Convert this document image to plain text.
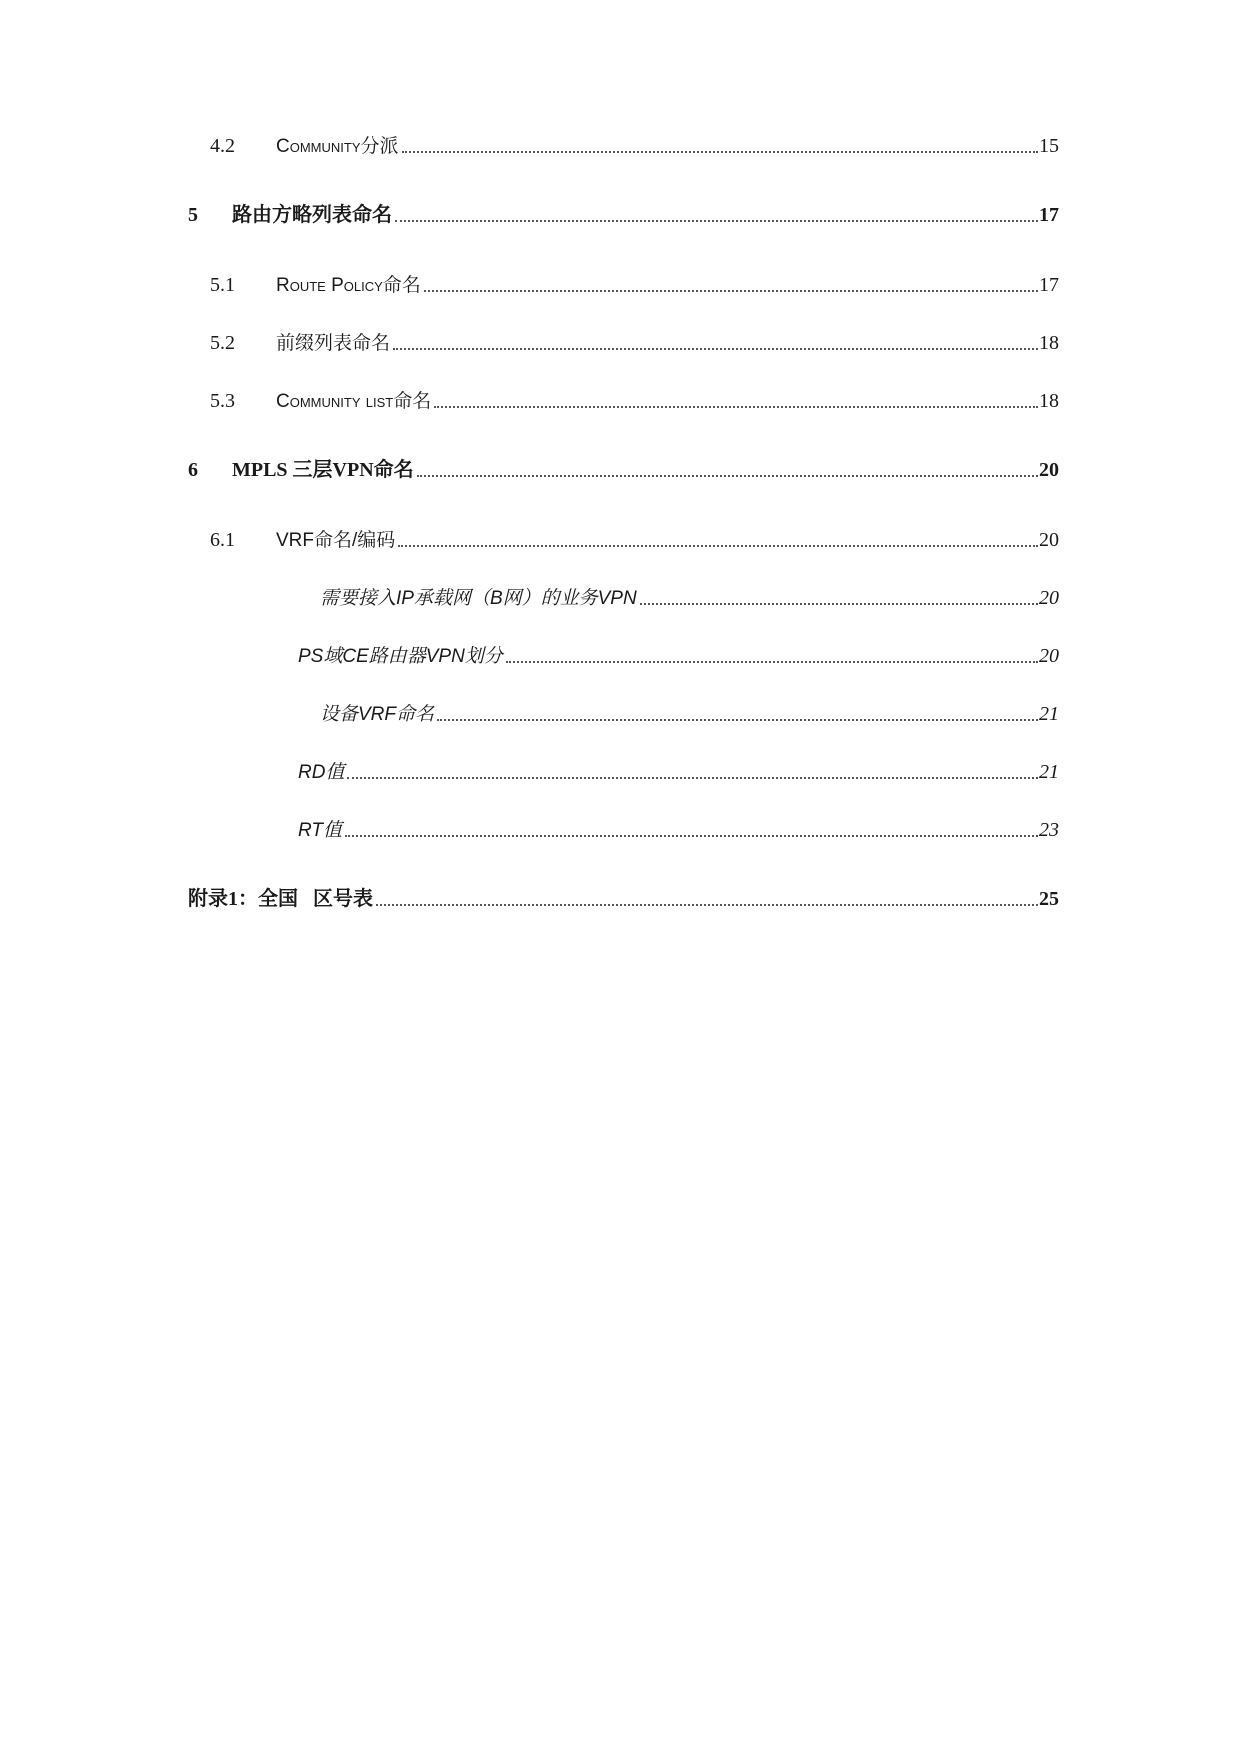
4.2 Community分派	15
5 路由方略列表命名	17
5.1 Route Policy命名	17
5.2 前缀列表命名	18
5.3 Community list命名	18
6 MPLS 三层VPN命名	20
6.1 VRF命名/编码	20
需要接入IP承载网（B网）的业务VPN	20
PS域CE路由器VPN划分	20
设备VRF命名	21
RD值	21
RT值	23
附录1：全国   区号表	25
